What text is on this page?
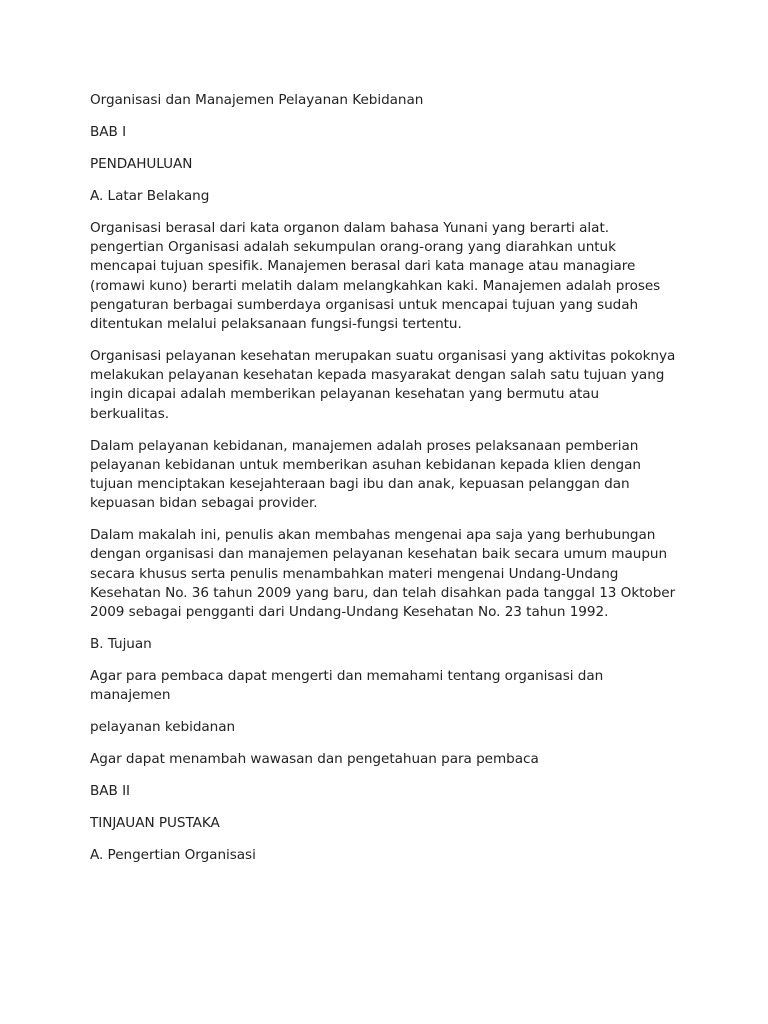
Organisasi dan Manajemen Pelayanan Kebidanan

BAB I

PENDAHULUAN

A. Latar Belakang

Organisasi berasal dari kata organon dalam bahasa Yunani yang berarti alat. pengertian Organisasi adalah sekumpulan orang-orang yang diarahkan untuk mencapai tujuan spesifik. Manajemen berasal dari kata manage atau managiare (romawi kuno) berarti melatih dalam melangkahkan kaki. Manajemen adalah proses pengaturan berbagai sumberdaya organisasi untuk mencapai tujuan yang sudah ditentukan melalui pelaksanaan fungsi-fungsi tertentu.

Organisasi pelayanan kesehatan merupakan suatu organisasi yang aktivitas pokoknya melakukan pelayanan kesehatan kepada masyarakat dengan salah satu tujuan yang ingin dicapai adalah memberikan pelayanan kesehatan yang bermutu atau berkualitas.

Dalam pelayanan kebidanan, manajemen adalah proses pelaksanaan pemberian pelayanan kebidanan untuk memberikan asuhan kebidanan kepada klien dengan tujuan menciptakan kesejahteraan bagi ibu dan anak, kepuasan pelanggan dan kepuasan bidan sebagai provider.

Dalam makalah ini, penulis akan membahas mengenai apa saja yang berhubungan dengan organisasi dan manajemen pelayanan kesehatan baik secara umum maupun secara khusus serta penulis menambahkan materi mengenai Undang-Undang Kesehatan No. 36 tahun 2009 yang baru, dan telah disahkan pada tanggal 13 Oktober 2009 sebagai pengganti dari Undang-Undang Kesehatan No. 23 tahun 1992.

B. Tujuan

Agar para pembaca dapat mengerti dan memahami tentang organisasi dan manajemen

pelayanan kebidanan

Agar dapat menambah wawasan dan pengetahuan para pembaca

BAB II

TINJAUAN PUSTAKA

A. Pengertian Organisasi
